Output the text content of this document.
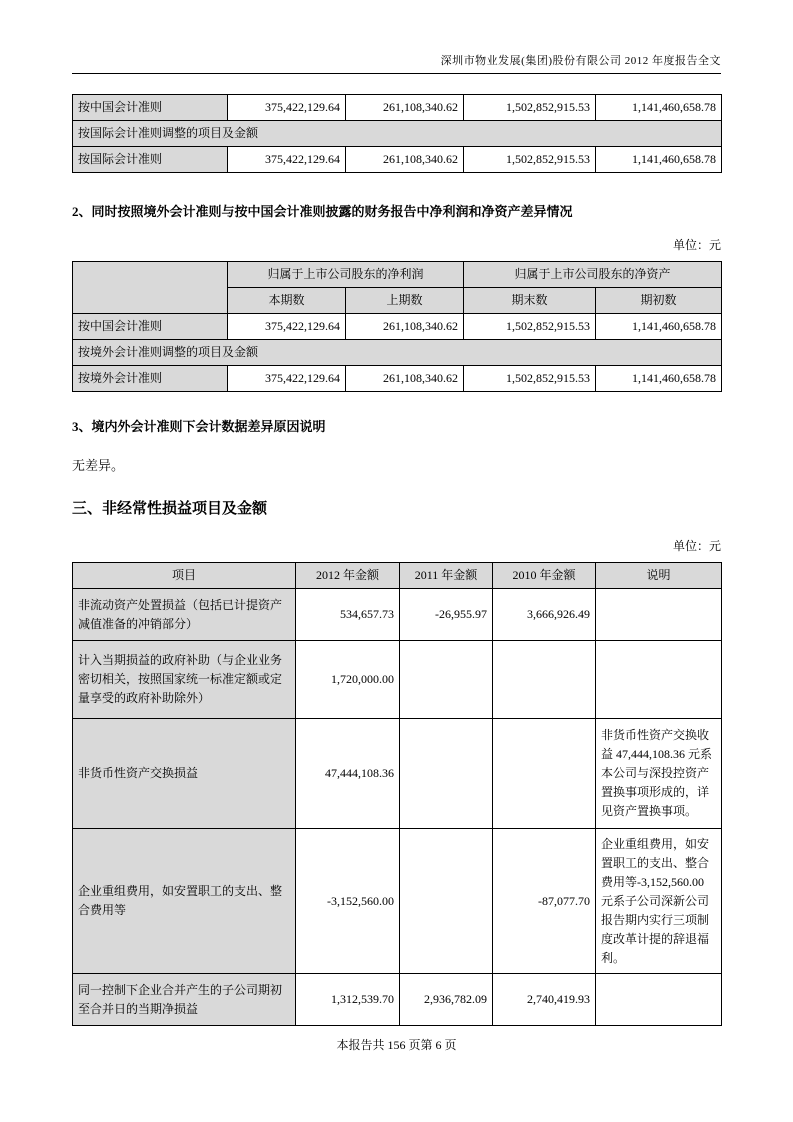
深圳市物业发展(集团)股份有限公司 2012 年度报告全文
按中国会计准则	375,422,129.64	261,108,340.62	1,502,852,915.53	1,141,460,658.78
按国际会计准则调整的项目及金额				
按国际会计准则	375,422,129.64	261,108,340.62	1,502,852,915.53	1,141,460,658.78
2、同时按照境外会计准则与按中国会计准则披露的财务报告中净利润和净资产差异情况
单位：元
	归属于上市公司股东的净利润		归属于上市公司股东的净资产	
	本期数	上期数	期末数	期初数
按中国会计准则	375,422,129.64	261,108,340.62	1,502,852,915.53	1,141,460,658.78
按境外会计准则调整的项目及金额				
按境外会计准则	375,422,129.64	261,108,340.62	1,502,852,915.53	1,141,460,658.78
3、境内外会计准则下会计数据差异原因说明
无差异。
三、非经常性损益项目及金额
单位：元
项目	2012 年金额	2011 年金额	2010 年金额	说明
非流动资产处置损益（包括已计提资产减值准备的冲销部分）	534,657.73	-26,955.97	3,666,926.49	
计入当期损益的政府补助（与企业业务密切相关，按照国家统一标准定额或定量享受的政府补助除外）	1,720,000.00			
非货币性资产交换损益	47,444,108.36			非货币性资产交换收益 47,444,108.36 元系本公司与深投控资产置换事项形成的，详见资产置换事项。
企业重组费用，如安置职工的支出、整合费用等	-3,152,560.00		-87,077.70	企业重组费用，如安置职工的支出、整合费用等-3,152,560.00 元系子公司深新公司报告期内实行三项制度改革计提的辞退福利。
同一控制下企业合并产生的子公司期初至合并日的当期净损益	1,312,539.70	2,936,782.09	2,740,419.93	
本报告共 156 页第 6 页
